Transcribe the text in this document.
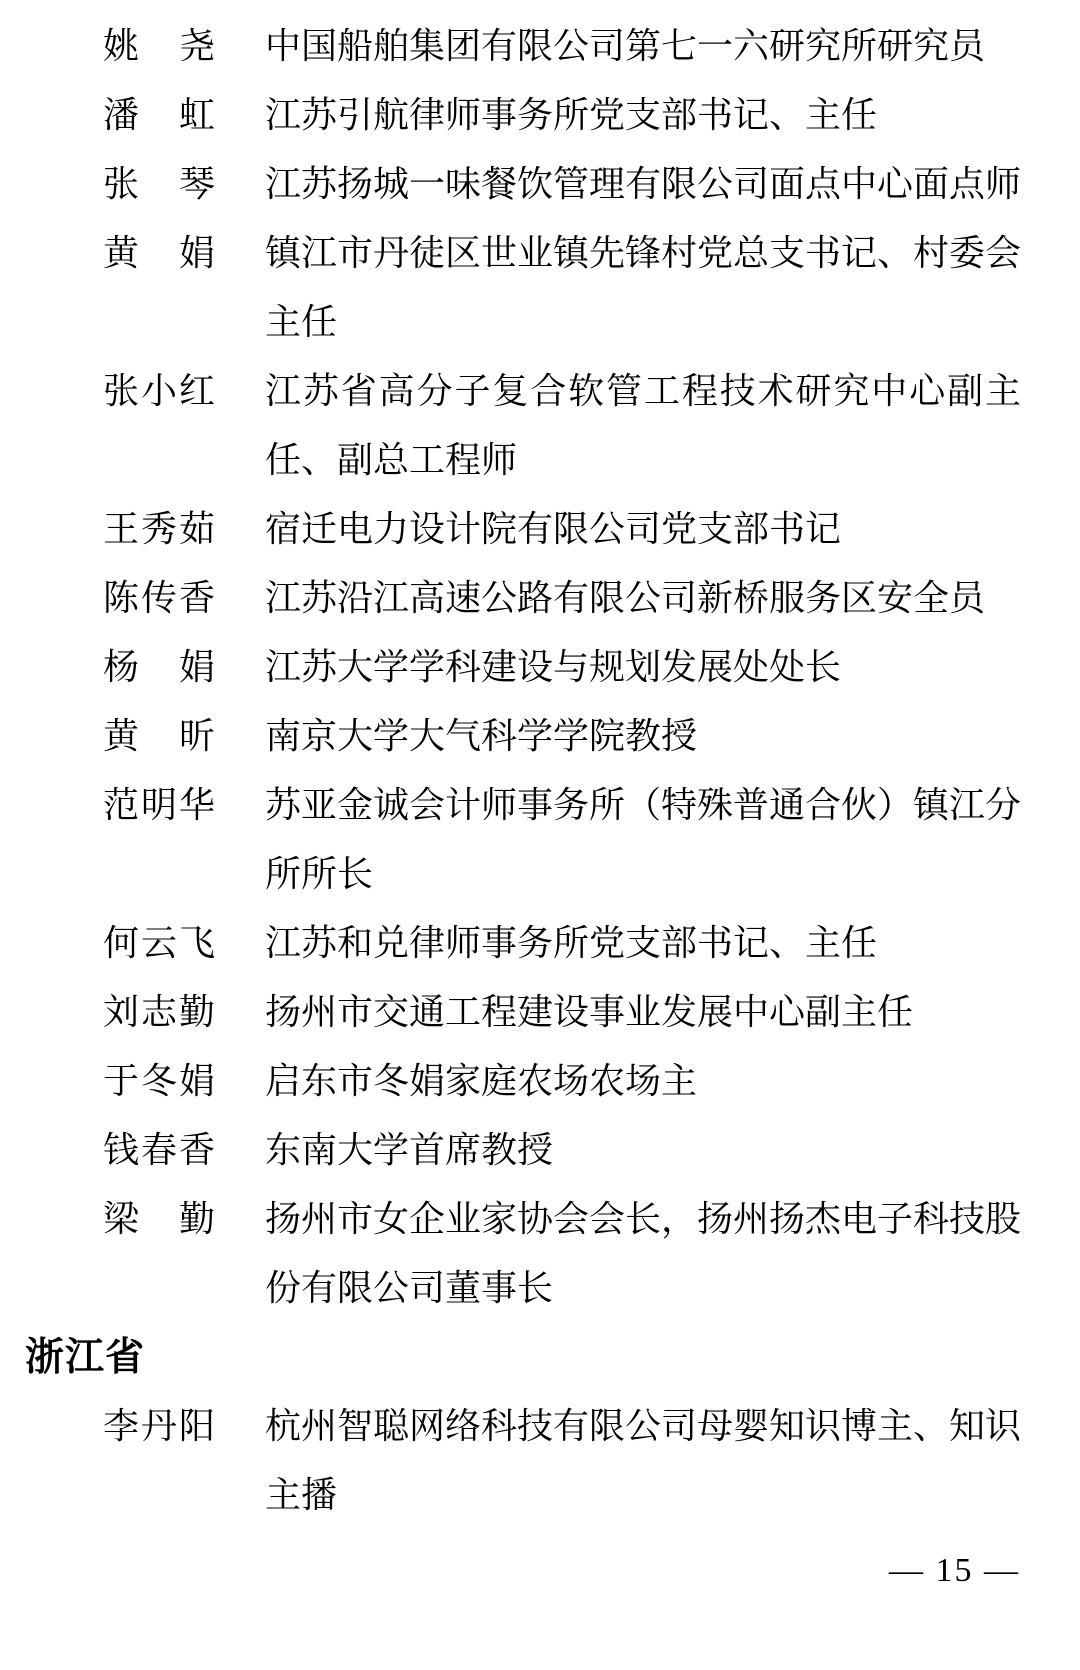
姚尧 中国船舶集团有限公司第七一六研究所研究员
潘虹 江苏引航律师事务所党支部书记、主任
张琴 江苏扬城一味餐饮管理有限公司面点中心面点师
黄娟 镇江市丹徒区世业镇先锋村党总支书记、村委会主任
张小红 江苏省高分子复合软管工程技术研究中心副主任、副总工程师
王秀茹 宿迁电力设计院有限公司党支部书记
陈传香 江苏沿江高速公路有限公司新桥服务区安全员
杨娟 江苏大学学科建设与规划发展处处长
黄昕 南京大学大气科学学院教授
范明华 苏亚金诚会计师事务所（特殊普通合伙）镇江分所所长
何云飞 江苏和兑律师事务所党支部书记、主任
刘志勤 扬州市交通工程建设事业发展中心副主任
于冬娟 启东市冬娟家庭农场农场主
钱春香 东南大学首席教授
梁勤 扬州市女企业家协会会长，扬州扬杰电子科技股份有限公司董事长
浙江省
李丹阳 杭州智聪网络科技有限公司母婴知识博主、知识主播
— 15 —
